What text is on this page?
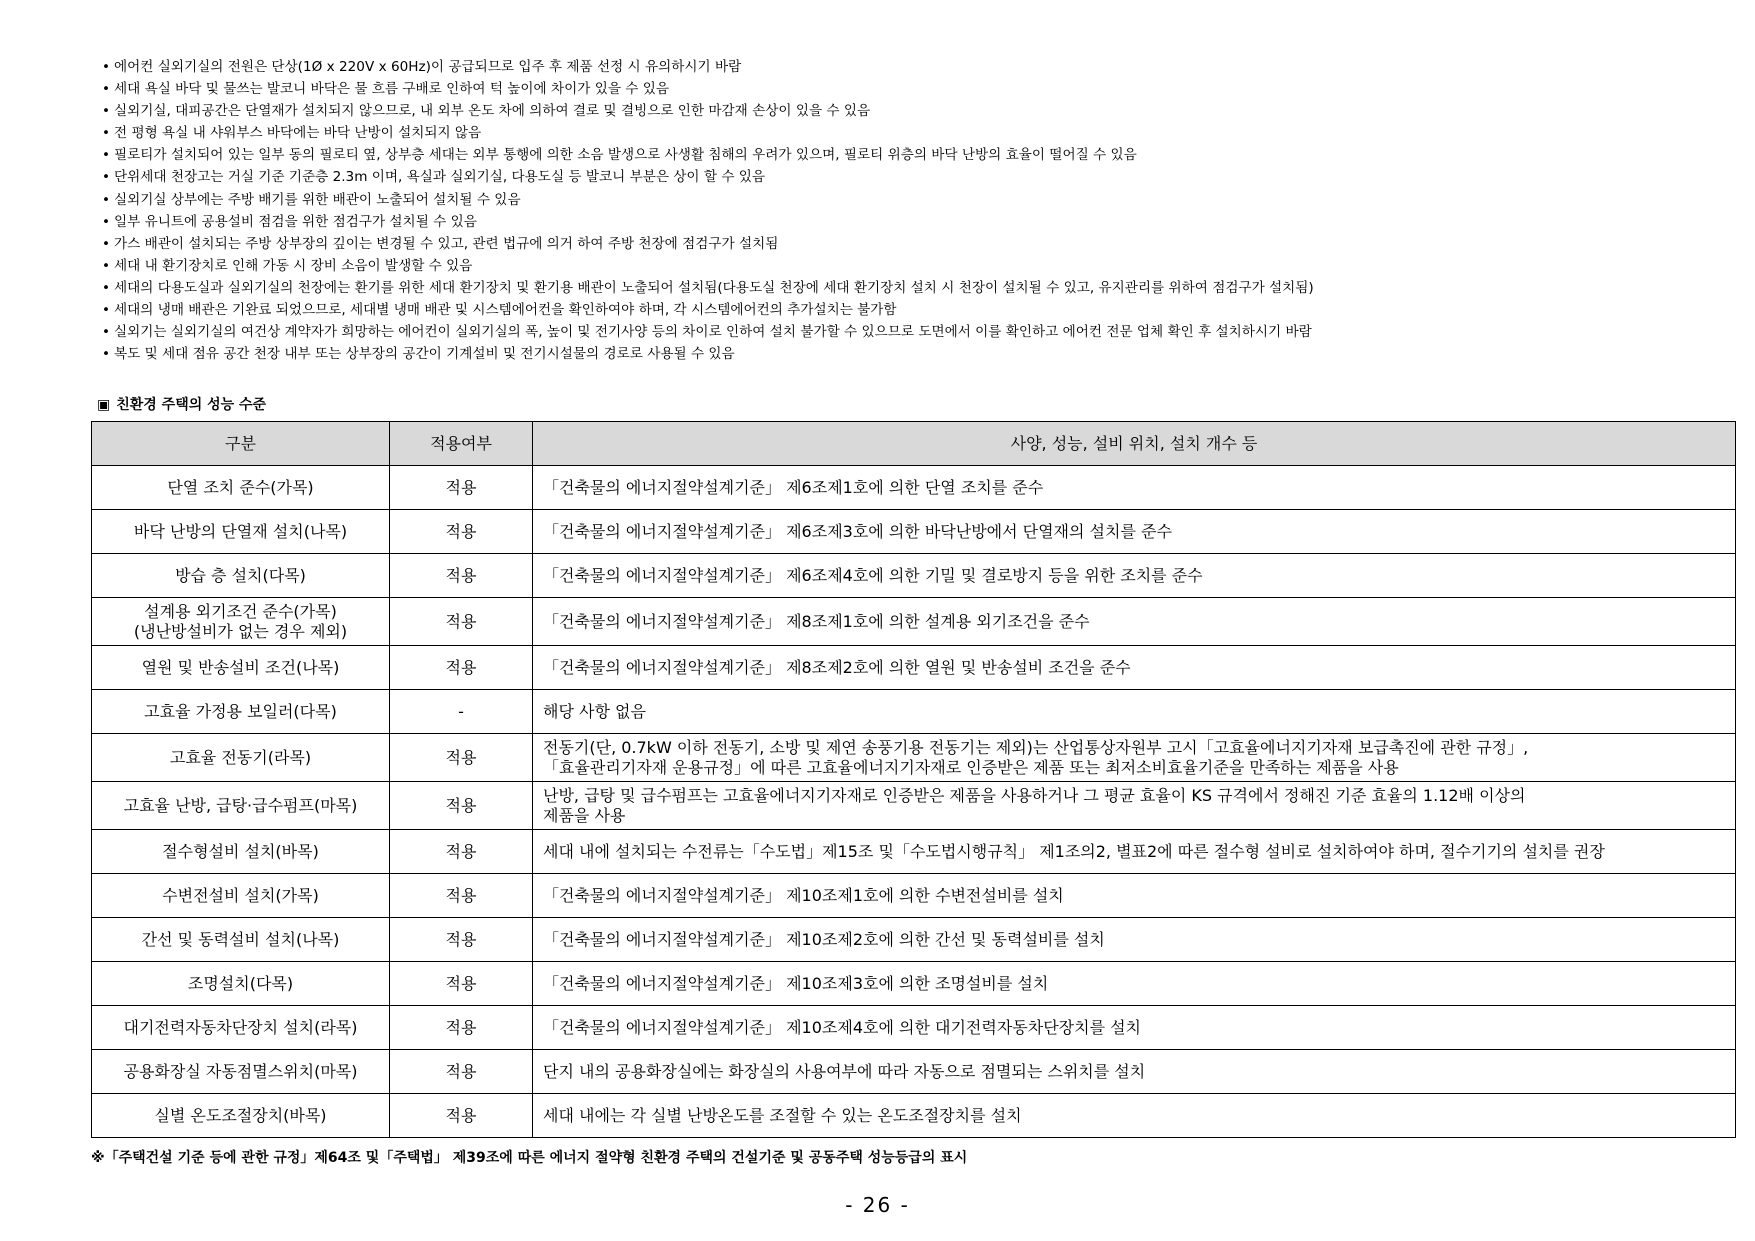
• 에어컨 실외기실의 전원은 단상(1Ø x 220V x 60Hz)이 공급되므로 입주 후 제품 선정 시 유의하시기 바람
• 세대 욕실 바닥 및 물쓰는 발코니 바닥은 물 흐름 구배로 인하여 턱 높이에 차이가 있을 수 있음
• 실외기실, 대피공간은 단열재가 설치되지 않으므로, 내 외부 온도 차에 의하여 결로 및 결빙으로 인한 마감재 손상이 있을 수 있음
• 전 평형 욕실 내 샤워부스 바닥에는 바닥 난방이 설치되지 않음
• 필로티가 설치되어 있는 일부 동의 필로티 옆, 상부층 세대는 외부 통행에 의한 소음 발생으로 사생활 침해의 우려가 있으며, 필로티 위층의 바닥 난방의 효율이 떨어질 수 있음
• 단위세대 천장고는 거실 기준 기준층 2.3m 이며, 욕실과 실외기실, 다용도실 등 발코니 부분은 상이 할 수 있음
• 실외기실 상부에는 주방 배기를 위한 배관이 노출되어 설치될 수 있음
• 일부 유니트에 공용설비 점검을 위한 점검구가 설치될 수 있음
• 가스 배관이 설치되는 주방 상부장의 깊이는 변경될 수 있고, 관련 법규에 의거 하여 주방 천장에 점검구가 설치됨
• 세대 내 환기장치로 인해 가동 시 장비 소음이 발생할 수 있음
• 세대의 다용도실과 실외기실의 천장에는 환기를 위한 세대 환기장치 및 환기용 배관이 노출되어 설치됨(다용도실 천장에 세대 환기장치 설치 시 천장이 설치될 수 있고, 유지관리를 위하여 점검구가 설치됨)
• 세대의 냉매 배관은 기완료 되었으므로, 세대별 냉매 배관 및 시스템에어컨을 확인하여야 하며, 각 시스템에어컨의 추가설치는 불가함
• 실외기는 실외기실의 여건상 계약자가 희망하는 에어컨이 실외기실의 폭, 높이 및 전기사양 등의 차이로 인하여 설치 불가할 수 있으므로 도면에서 이를 확인하고 에어컨 전문 업체 확인 후 설치하시기 바람
• 복도 및 세대 점유 공간 천장 내부 또는 상부장의 공간이 기계설비 및 전기시설물의 경로로 사용될 수 있음
▣ 친환경 주택의 성능 수준
구분	적용여부	사양, 성능, 설비 위치, 설치 개수 등

단열 조치 준수(가목)	적용	「건축물의 에너지절약설계기준」 제6조제1호에 의한 단열 조치를 준수

바닥 난방의 단열재 설치(나목)	적용	「건축물의 에너지절약설계기준」 제6조제3호에 의한 바닥난방에서 단열재의 설치를 준수

방습 층 설치(다목)	적용	「건축물의 에너지절약설계기준」 제6조제4호에 의한 기밀 및 결로방지 등을 위한 조치를 준수

설계용 외기조건 준수(가목)
(냉난방설비가 없는 경우 제외)	적용	「건축물의 에너지절약설계기준」 제8조제1호에 의한 설계용 외기조건을 준수

열원 및 반송설비 조건(나목)	적용	「건축물의 에너지절약설계기준」 제8조제2호에 의한 열원 및 반송설비 조건을 준수

고효율 가정용 보일러(다목)	-	해당 사항 없음

고효율 전동기(라목)	적용	전동기(단, 0.7kW 이하 전동기, 소방 및 제연 송풍기용 전동기는 제외)는 산업통상자원부 고시「고효율에너지기자재 보급촉진에 관한 규정」,
「효율관리기자재 운용규정」에 따른 고효율에너지기자재로 인증받은 제품 또는 최저소비효율기준을 만족하는 제품을 사용

고효율 난방, 급탕·급수펌프(마목)	적용	난방, 급탕 및 급수펌프는 고효율에너지기자재로 인증받은 제품을 사용하거나 그 평균 효율이 KS 규격에서 정해진 기준 효율의 1.12배 이상의
제품을 사용

절수형설비 설치(바목)	적용	세대 내에 설치되는 수전류는「수도법」제15조 및「수도법시행규칙」 제1조의2, 별표2에 따른 절수형 설비로 설치하여야 하며, 절수기기의 설치를 권장

수변전설비 설치(가목)	적용	「건축물의 에너지절약설계기준」 제10조제1호에 의한 수변전설비를 설치

간선 및 동력설비 설치(나목)	적용	「건축물의 에너지절약설계기준」 제10조제2호에 의한 간선 및 동력설비를 설치

조명설치(다목)	적용	「건축물의 에너지절약설계기준」 제10조제3호에 의한 조명설비를 설치

대기전력자동차단장치 설치(라목)	적용	「건축물의 에너지절약설계기준」 제10조제4호에 의한 대기전력자동차단장치를 설치

공용화장실 자동점멸스위치(마목)	적용	단지 내의 공용화장실에는 화장실의 사용여부에 따라 자동으로 점멸되는 스위치를 설치

실별 온도조절장치(바목)	적용	세대 내에는 각 실별 난방온도를 조절할 수 있는 온도조절장치를 설치
※「주택건설 기준 등에 관한 규정」제64조 및「주택법」 제39조에 따른 에너지 절약형 친환경 주택의 건설기준 및 공동주택 성능등급의 표시
- 26 -
